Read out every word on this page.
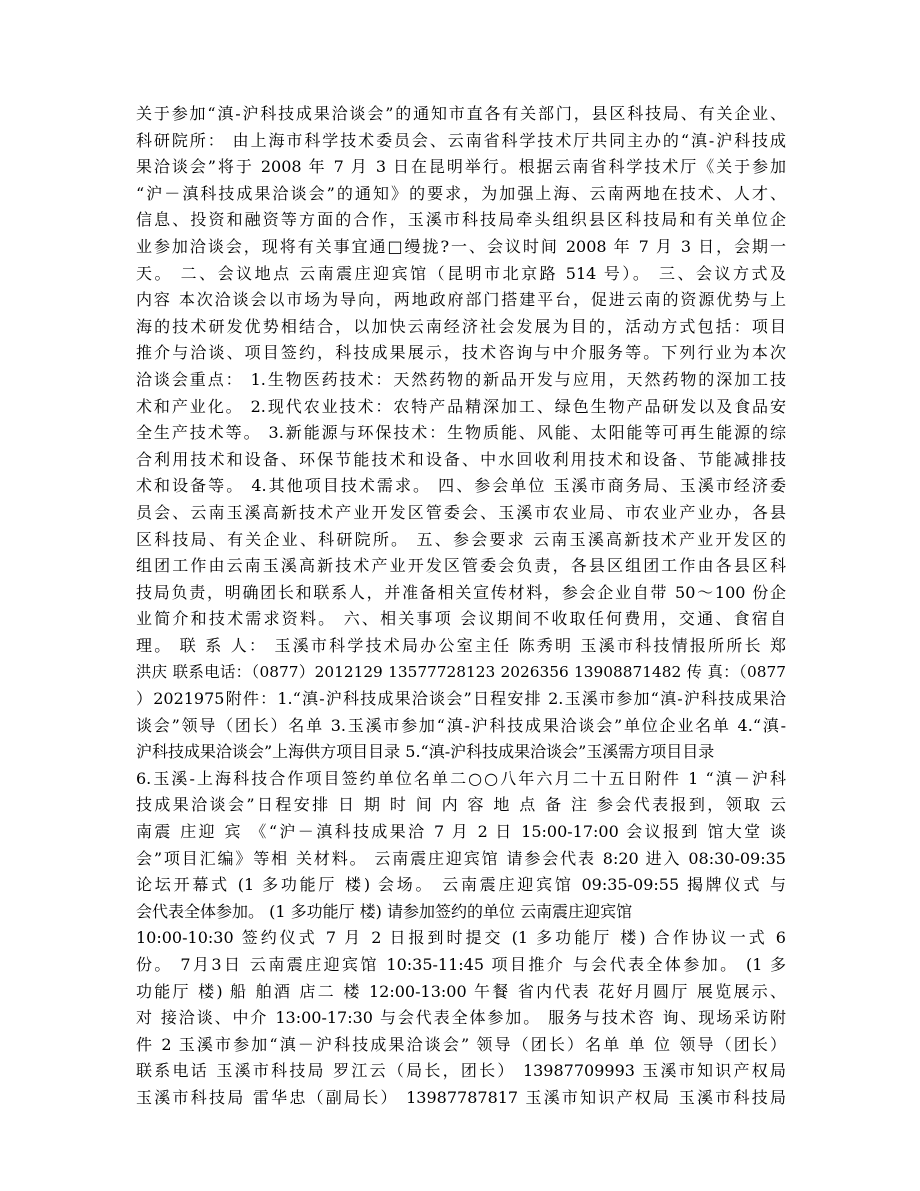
关于参加“滇-沪科技成果洽谈会”的通知市直各有关部门，县区科技局、有关企业、
科研院所： 由上海市科学技术委员会、云南省科学技术厅共同主办的“滇-沪科技成
果洽谈会”将于 2008 年 7 月 3 日在昆明举行。根据云南省科学技术厅《关于参加
“沪－滇科技成果洽谈会”的通知》的要求，为加强上海、云南两地在技术、人才、
信息、投资和融资等方面的合作，玉溪市科技局牵头组织县区科技局和有关单位企
业参加洽谈会，现将有关事宜通□缦拢?一、会议时间 2008 年 7 月 3 日，会期一
天。 二、会议地点 云南震庄迎宾馆（昆明市北京路 514 号）。 三、会议方式及
内容 本次洽谈会以市场为导向，两地政府部门搭建平台，促进云南的资源优势与上
海的技术研发优势相结合，以加快云南经济社会发展为目的，活动方式包括：项目
推介与洽谈、项目签约，科技成果展示，技术咨询与中介服务等。下列行业为本次
洽谈会重点： 1.生物医药技术：天然药物的新品开发与应用，天然药物的深加工技
术和产业化。 2.现代农业技术：农特产品精深加工、绿色生物产品研发以及食品安
全生产技术等。 3.新能源与环保技术：生物质能、风能、太阳能等可再生能源的综
合利用技术和设备、环保节能技术和设备、中水回收利用技术和设备、节能减排技
术和设备等。 4.其他项目技术需求。 四、参会单位 玉溪市商务局、玉溪市经济委
员会、云南玉溪高新技术产业开发区管委会、玉溪市农业局、市农业产业办，各县
区科技局、有关企业、科研院所。 五、参会要求 云南玉溪高新技术产业开发区的
组团工作由云南玉溪高新技术产业开发区管委会负责，各县区组团工作由各县区科
技局负责，明确团长和联系人，并准备相关宣传材料，参会企业自带 50～100 份企
业简介和技术需求资料。 六、相关事项 会议期间不收取任何费用，交通、食宿自
理。 联 系 人： 玉溪市科学技术局办公室主任 陈秀明 玉溪市科技情报所所长 郑
洪庆 联系电话：（0877）2012129 13577728123 2026356 13908871482 传 真：（0877
）2021975附件：1.“滇-沪科技成果洽谈会”日程安排 2.玉溪市参加“滇-沪科技成果洽
谈会”领导（团长）名单 3.玉溪市参加“滇-沪科技成果洽谈会”单位企业名单 4.“滇-
沪科技成果洽谈会”上海供方项目目录 5.“滇-沪科技成果洽谈会”玉溪需方项目目录
6.玉溪-上海科技合作项目签约单位名单二○○八年六月二十五日附件 1 “滇－沪科
技成果洽谈会”日程安排 日 期 时 间 内 容 地 点 备 注 参会代表报到，领取 云
南震 庄迎 宾 《“沪－滇科技成果洽 7 月 2 日 15:00-17:00 会议报到 馆大堂 谈
会”项目汇编》等相 关材料。 云南震庄迎宾馆 请参会代表 8:20 进入 08:30-09:35
论坛开幕式 (1 多功能厅 楼) 会场。 云南震庄迎宾馆 09:35-09:55 揭牌仪式 与
会代表全体参加。 (1 多功能厅 楼) 请参加签约的单位 云南震庄迎宾馆
10:00-10:30 签约仪式 7 月 2 日报到时提交 (1 多功能厅 楼) 合作协议一式 6
份。 7月3日 云南震庄迎宾馆 10:35-11:45 项目推介 与会代表全体参加。 (1 多
功能厅 楼) 船 舶酒 店二 楼 12:00-13:00 午餐 省内代表 花好月圆厅 展览展示、
对 接洽谈、中介 13:00-17:30 与会代表全体参加。 服务与技术咨 询、现场采访附
件 2 玉溪市参加“滇－沪科技成果洽谈会” 领导（团长）名单 单 位 领导（团长）
联系电话 玉溪市科技局 罗江云（局长，团长） 13987709993 玉溪市知识产权局
玉溪市科技局 雷华忠（副局长） 13987787817 玉溪市知识产权局 玉溪市科技局
